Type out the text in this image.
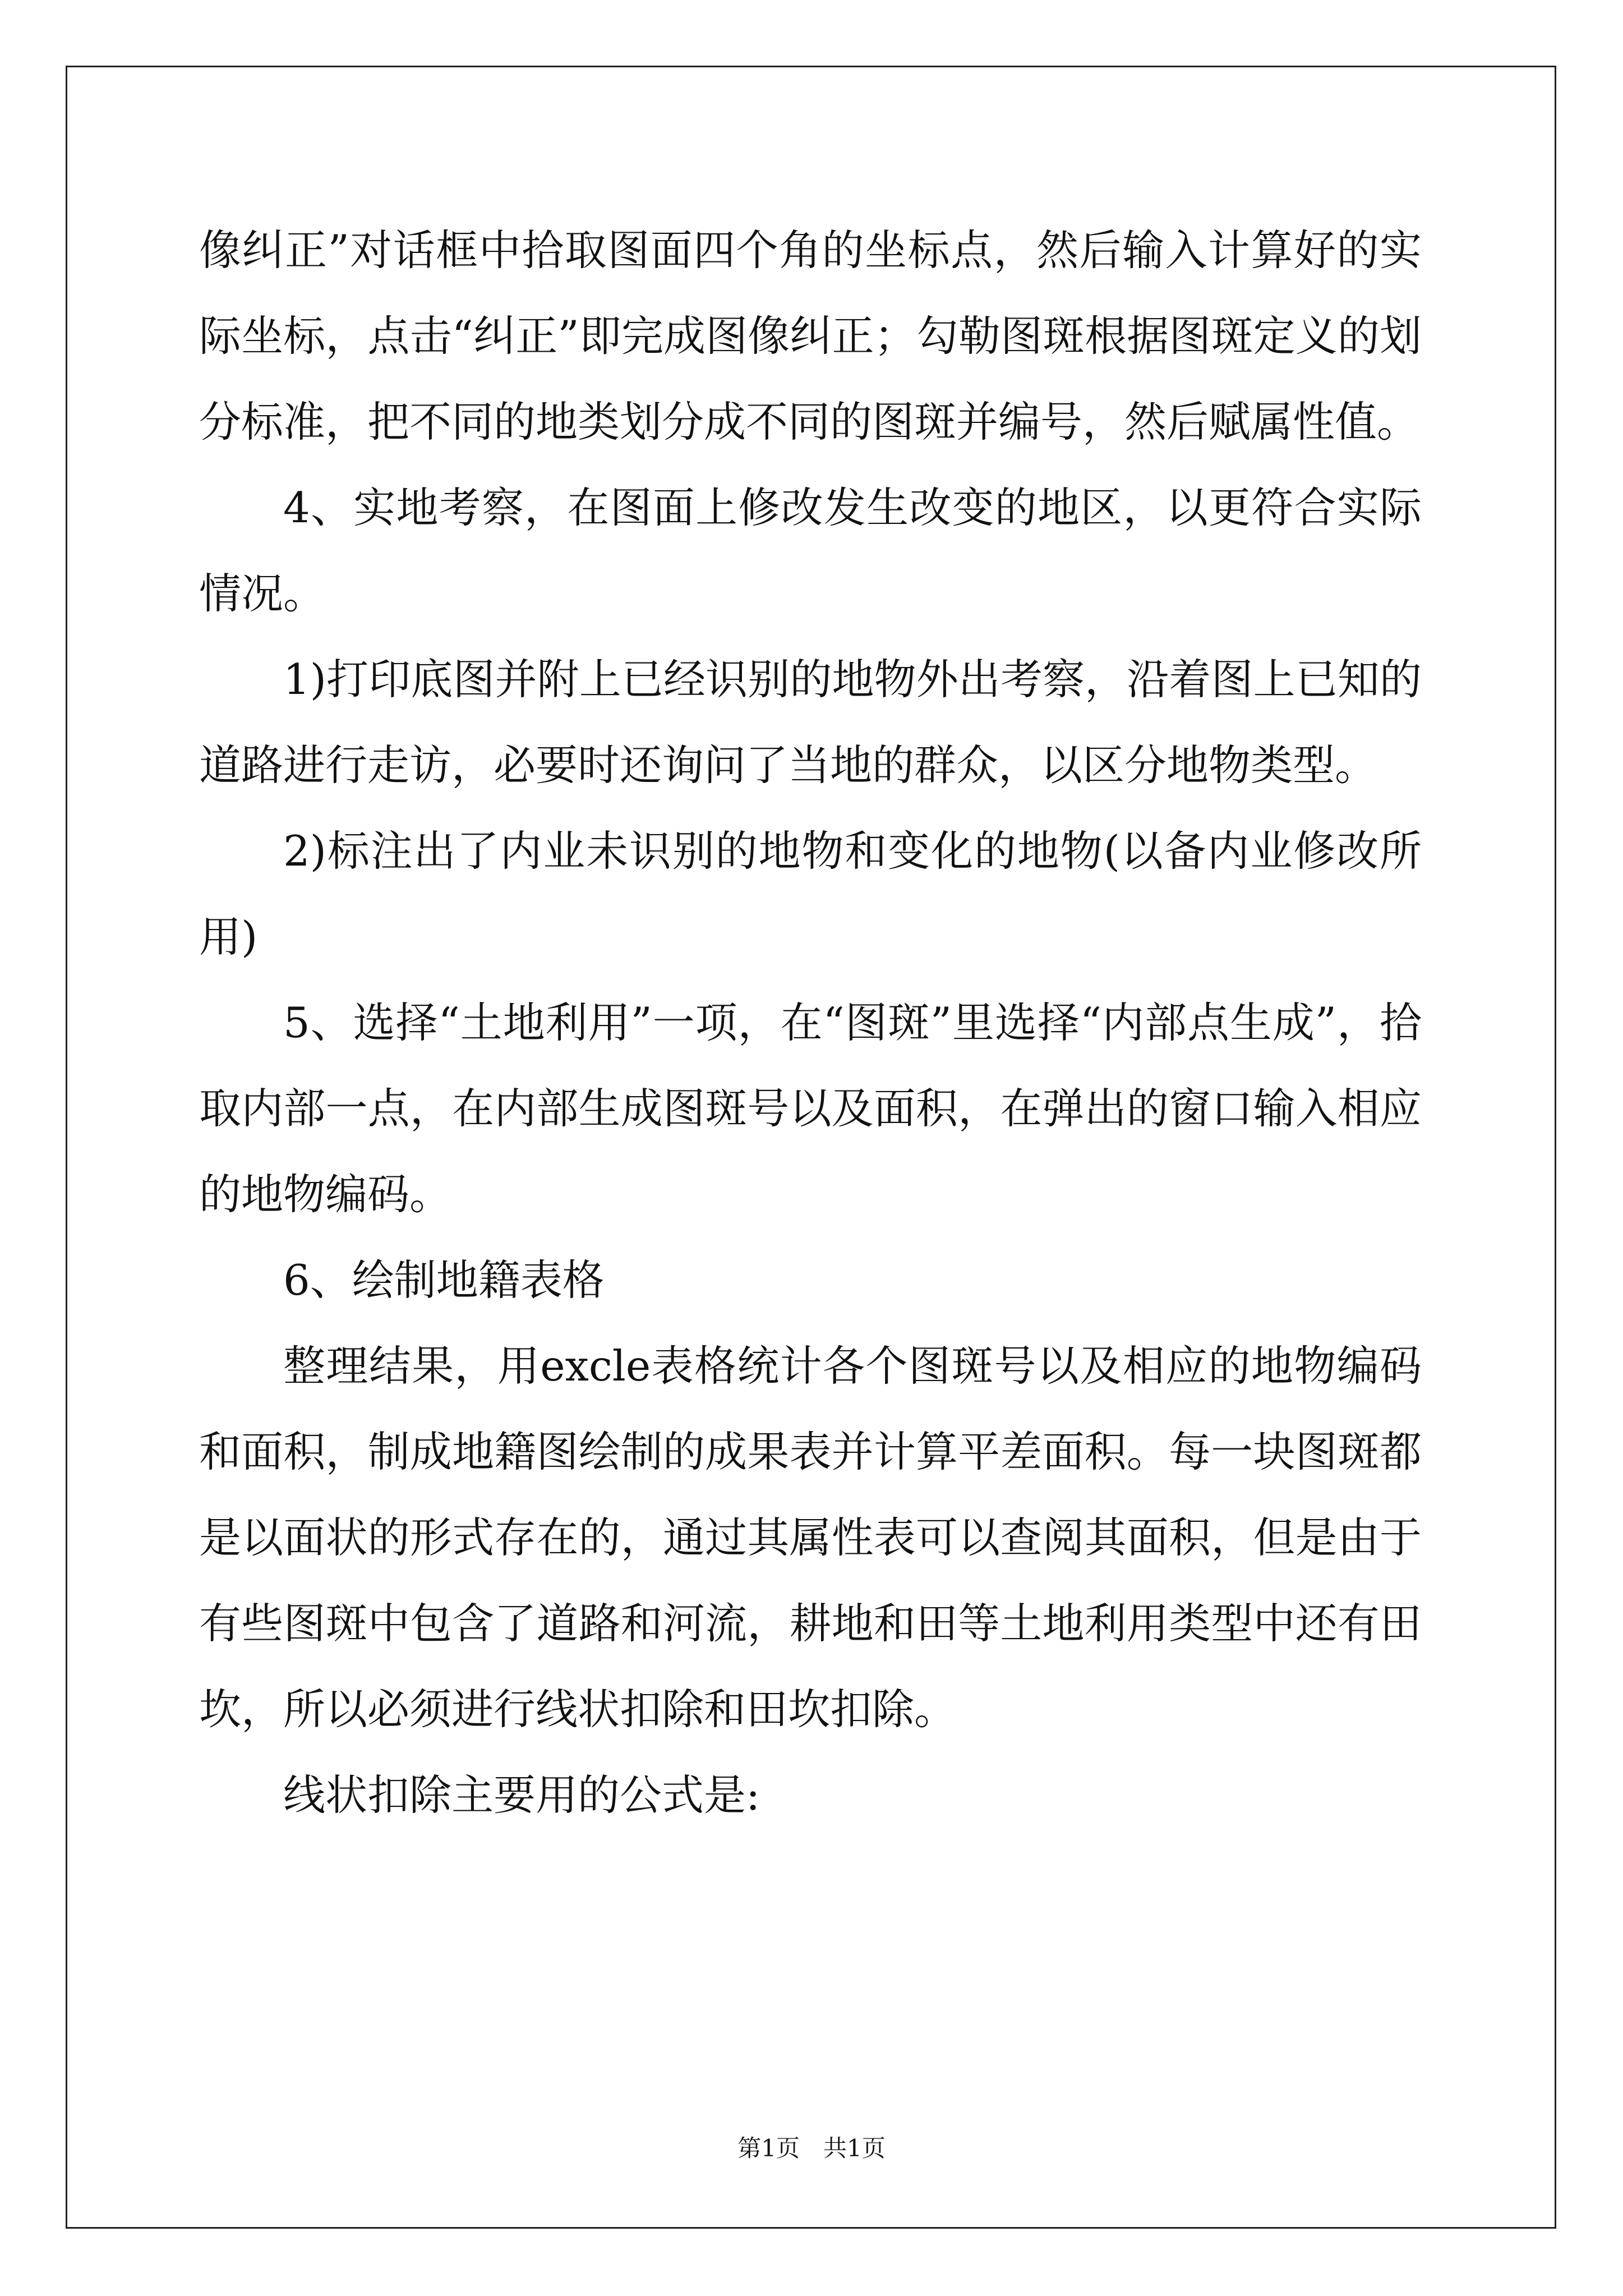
像纠正”对话框中拾取图面四个角的坐标点，然后输入计算好的实际坐标，点击“纠正”即完成图像纠正；勾勒图斑根据图斑定义的划分标准，把不同的地类划分成不同的图斑并编号，然后赋属性值。

4、实地考察，在图面上修改发生改变的地区，以更符合实际情况。

1)打印底图并附上已经识别的地物外出考察，沿着图上已知的道路进行走访，必要时还询问了当地的群众，以区分地物类型。

2)标注出了内业未识别的地物和变化的地物(以备内业修改所用)

5、选择“土地利用”一项，在“图斑”里选择“内部点生成”，拾取内部一点，在内部生成图斑号以及面积，在弹出的窗口输入相应的地物编码。

6、绘制地籍表格

整理结果，用excle表格统计各个图斑号以及相应的地物编码和面积，制成地籍图绘制的成果表并计算平差面积。每一块图斑都是以面状的形式存在的，通过其属性表可以查阅其面积，但是由于有些图斑中包含了道路和河流，耕地和田等土地利用类型中还有田坎，所以必须进行线状扣除和田坎扣除。

线状扣除主要用的公式是:

第1页　共1页
